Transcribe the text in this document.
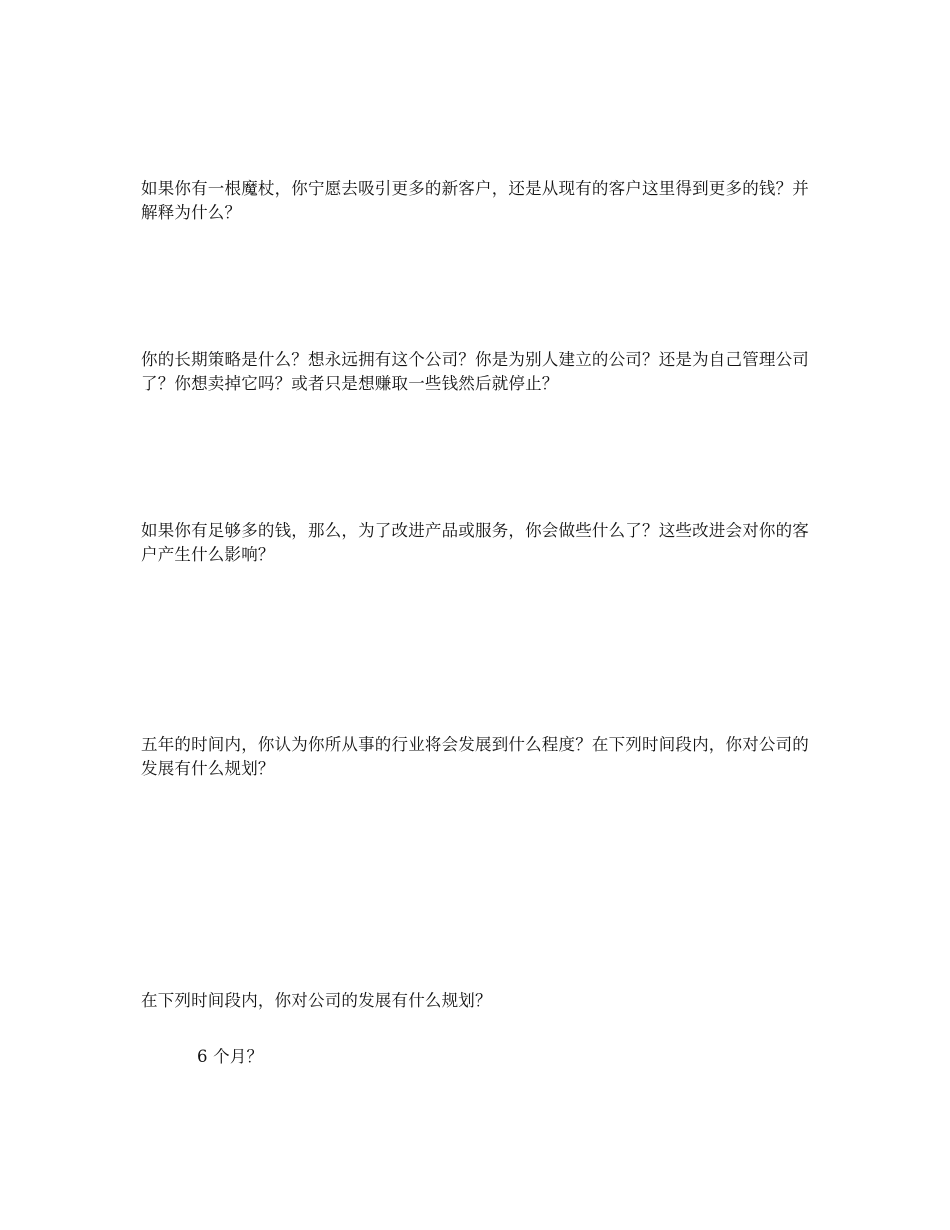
如果你有一根魔杖，你宁愿去吸引更多的新客户，还是从现有的客户这里得到更多的钱？并解释为什么？

你的长期策略是什么？想永远拥有这个公司？你是为别人建立的公司？还是为自己管理公司了？你想卖掉它吗？或者只是想赚取一些钱然后就停止？

如果你有足够多的钱，那么，为了改进产品或服务，你会做些什么了？这些改进会对你的客户产生什么影响？

五年的时间内，你认为你所从事的行业将会发展到什么程度？在下列时间段内，你对公司的发展有什么规划？

在下列时间段内，你对公司的发展有什么规划？

6 个月？
